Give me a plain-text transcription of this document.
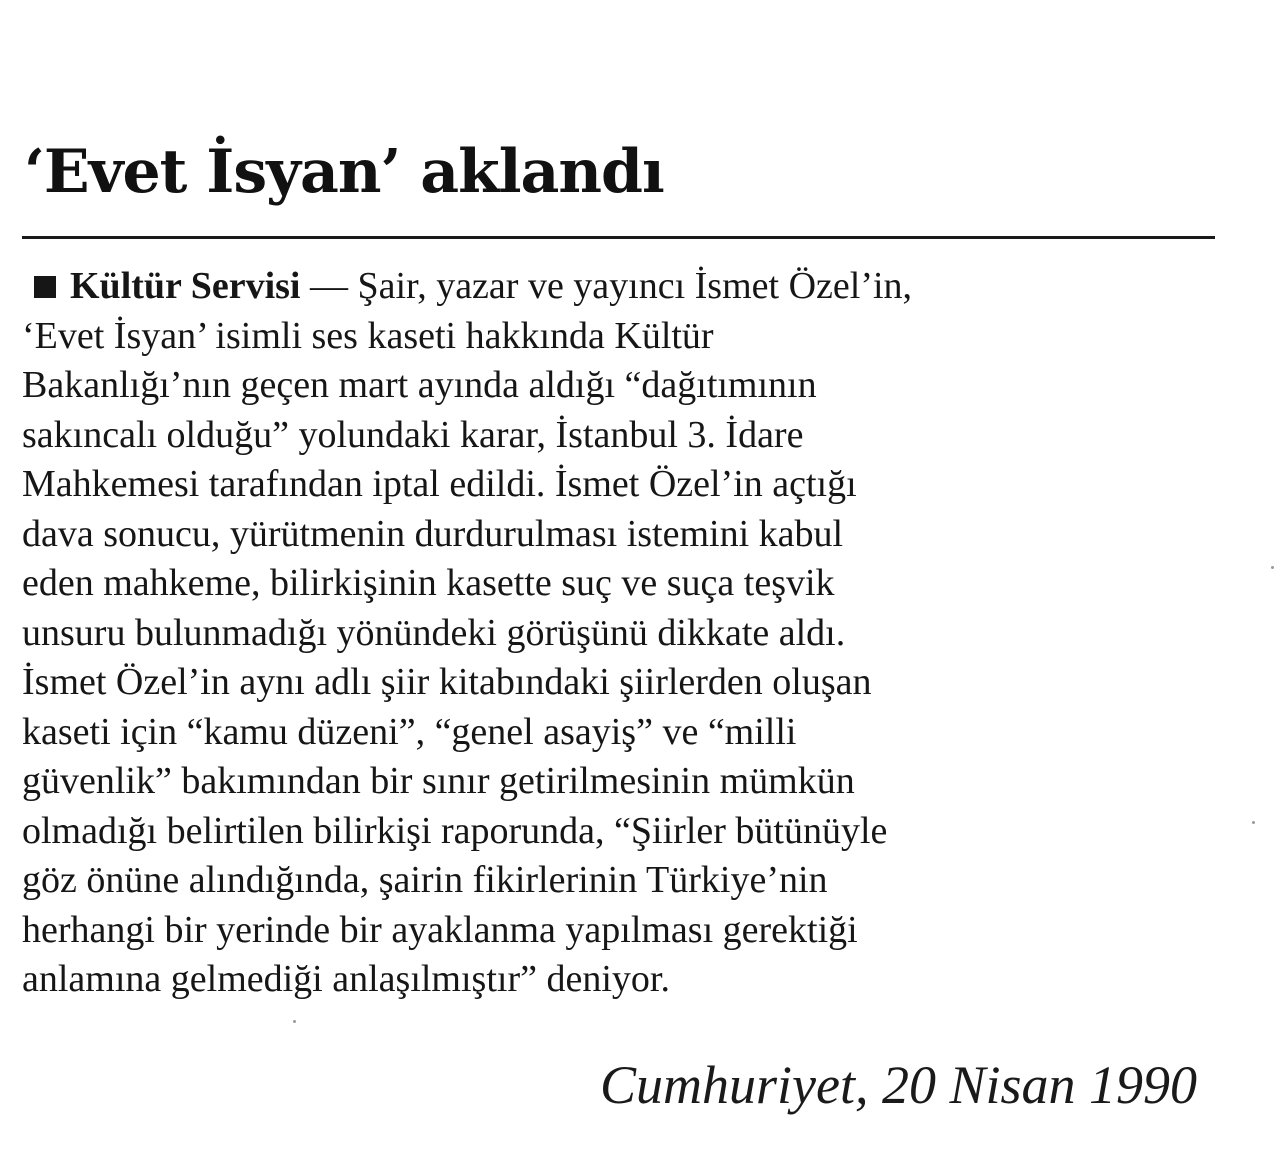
‘Evet İsyan’ aklandı
Kültür Servisi — Şair, yazar ve yayıncı İsmet Özel’in,
‘Evet İsyan’ isimli ses kaseti hakkında Kültür
Bakanlığı’nın geçen mart ayında aldığı “dağıtımının
sakıncalı olduğu” yolundaki karar, İstanbul 3. İdare
Mahkemesi tarafından iptal edildi. İsmet Özel’in açtığı
dava sonucu, yürütmenin durdurulması istemini kabul
eden mahkeme, bilirkişinin kasette suç ve suça teşvik
unsuru bulunmadığı yönündeki görüşünü dikkate aldı.
İsmet Özel’in aynı adlı şiir kitabındaki şiirlerden oluşan
kaseti için “kamu düzeni”, “genel asayiş” ve “milli
güvenlik” bakımından bir sınır getirilmesinin mümkün
olmadığı belirtilen bilirkişi raporunda, “Şiirler bütünüyle
göz önüne alındığında, şairin fikirlerinin Türkiye’nin
herhangi bir yerinde bir ayaklanma yapılması gerektiği
anlamına gelmediği anlaşılmıştır” deniyor.
Cumhuriyet, 20 Nisan 1990
